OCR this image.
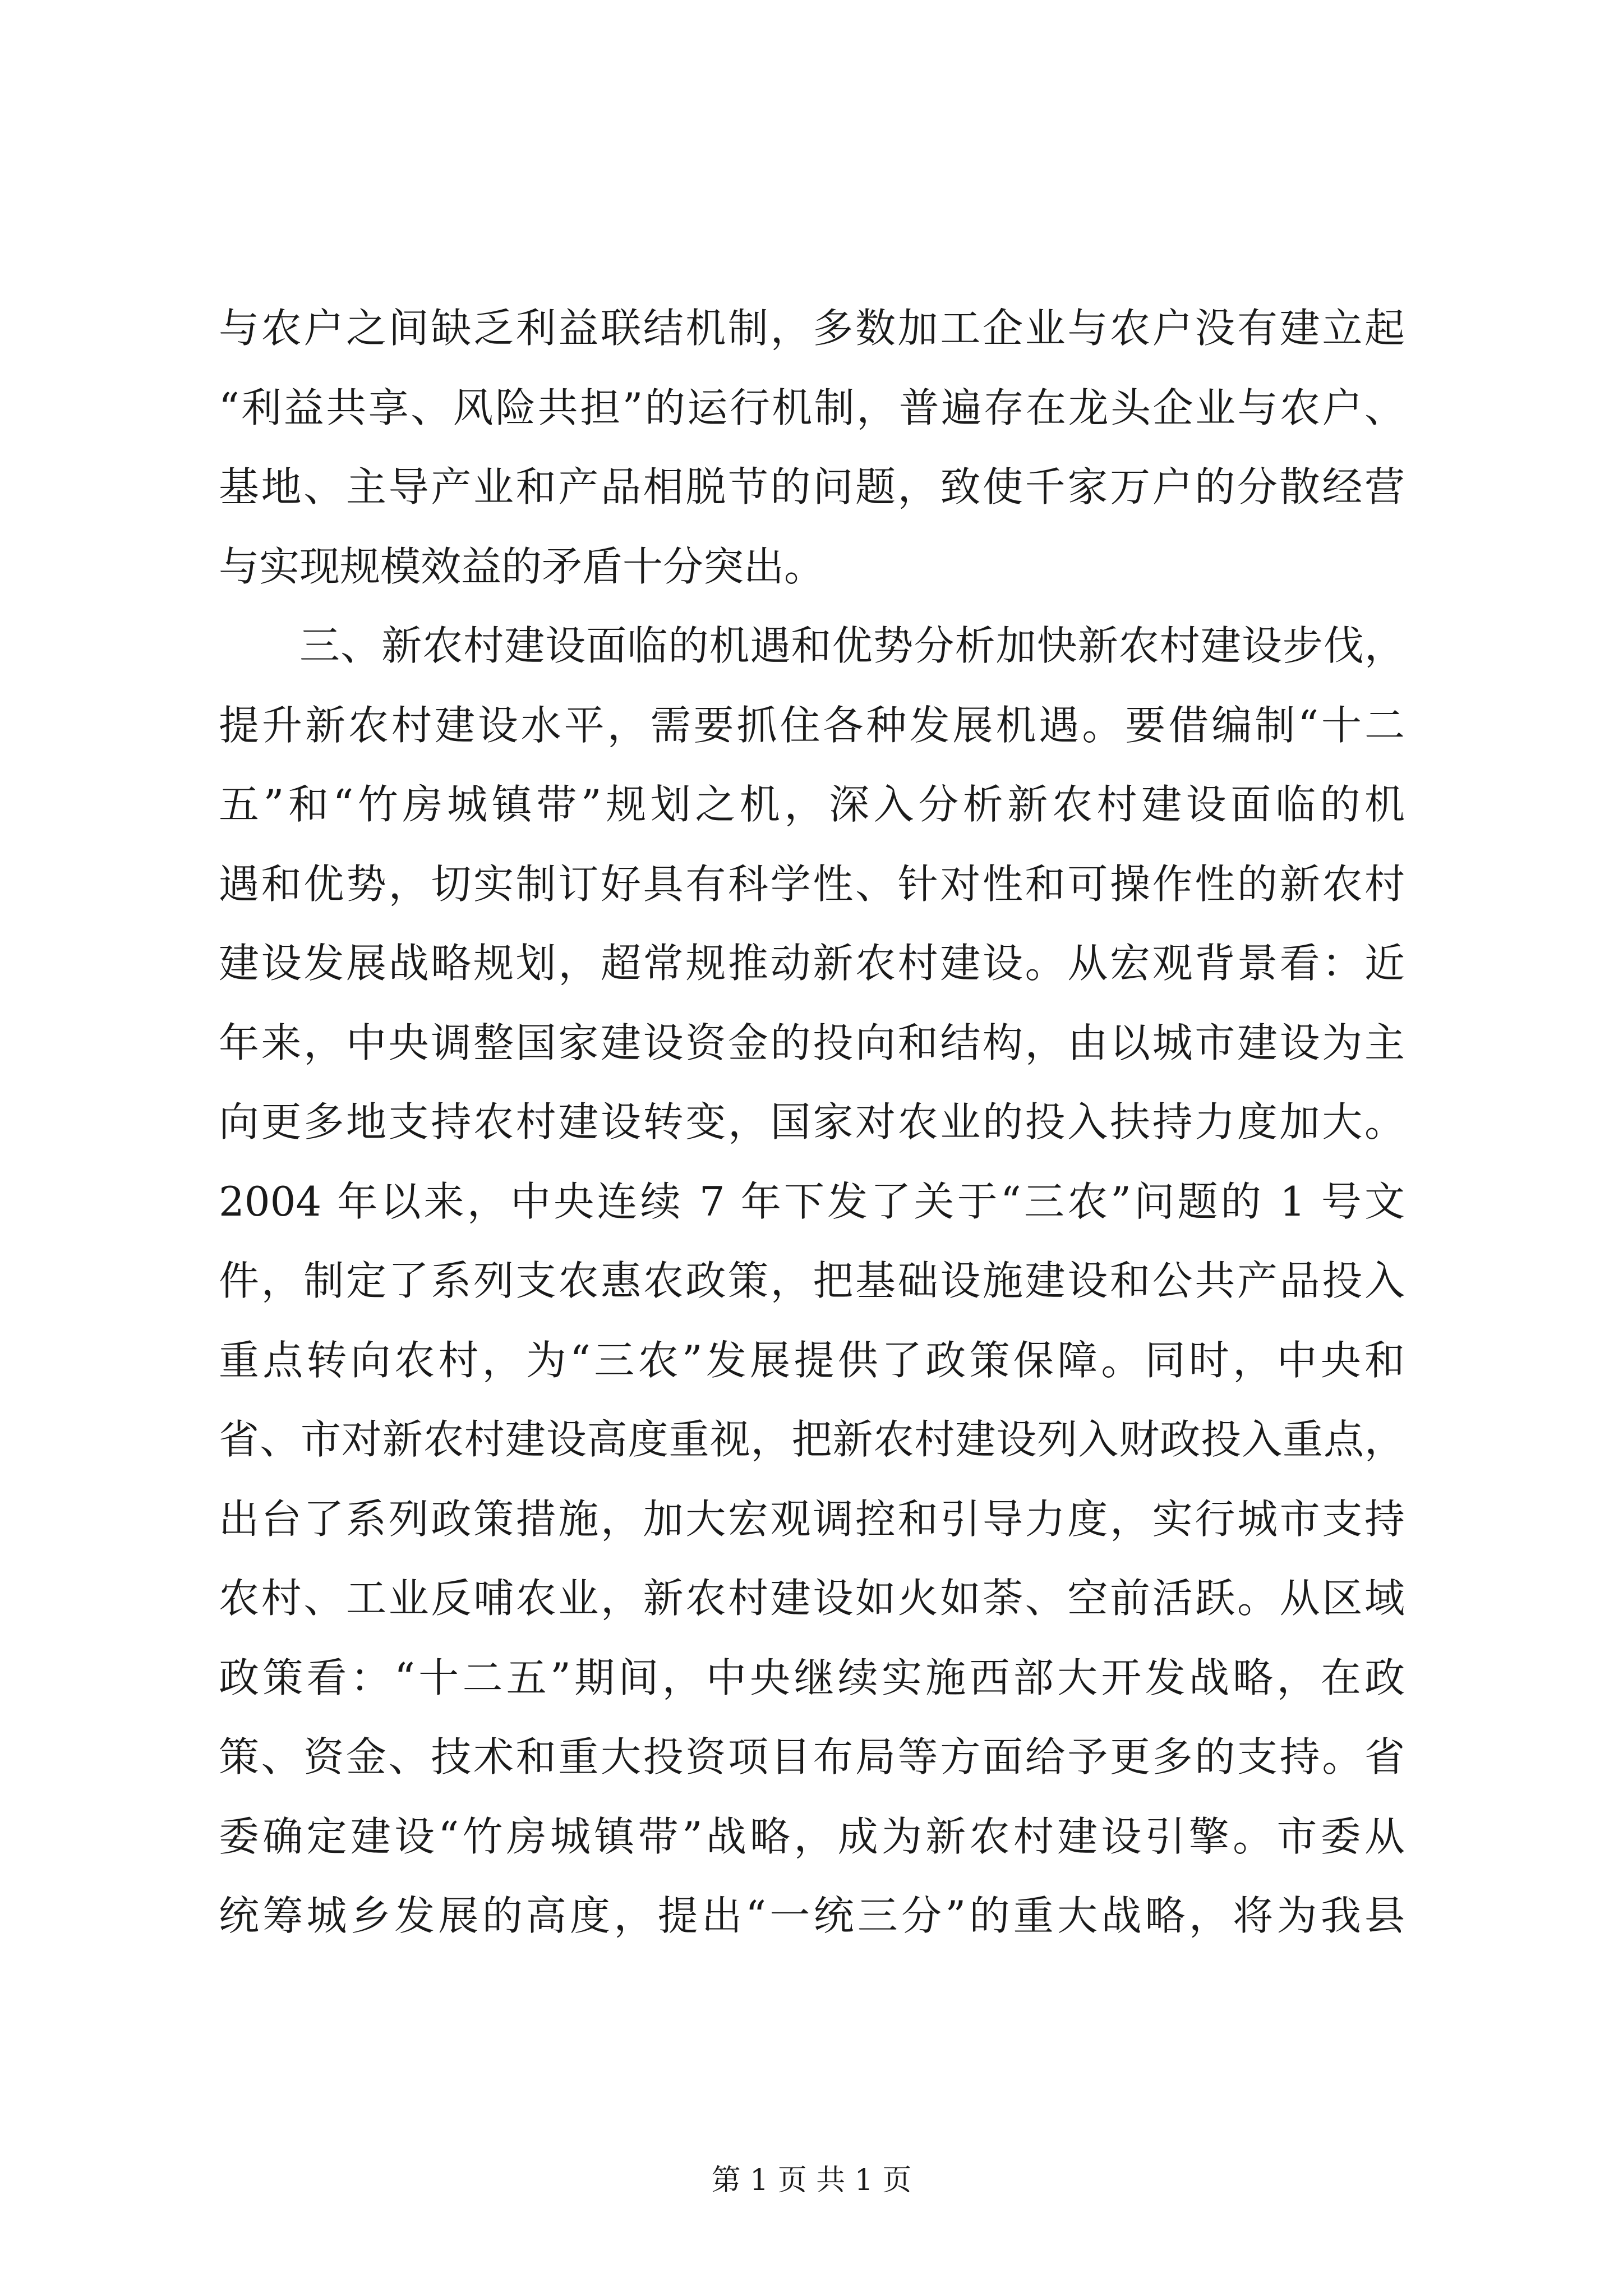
与农户之间缺乏利益联结机制，多数加工企业与农户没有建立起
“利益共享、风险共担”的运行机制，普遍存在龙头企业与农户、
基地、主导产业和产品相脱节的问题，致使千家万户的分散经营
与实现规模效益的矛盾十分突出。
三、新农村建设面临的机遇和优势分析加快新农村建设步伐，
提升新农村建设水平，需要抓住各种发展机遇。要借编制“十二
五”和“竹房城镇带”规划之机，深入分析新农村建设面临的机
遇和优势，切实制订好具有科学性、针对性和可操作性的新农村
建设发展战略规划，超常规推动新农村建设。从宏观背景看：近
年来，中央调整国家建设资金的投向和结构，由以城市建设为主
向更多地支持农村建设转变，国家对农业的投入扶持力度加大。
2004 年以来，中央连续 7 年下发了关于“三农”问题的 1 号文
件，制定了系列支农惠农政策，把基础设施建设和公共产品投入
重点转向农村，为“三农”发展提供了政策保障。同时，中央和
省、市对新农村建设高度重视，把新农村建设列入财政投入重点，
出台了系列政策措施，加大宏观调控和引导力度，实行城市支持
农村、工业反哺农业，新农村建设如火如荼、空前活跃。从区域
政策看：“十二五”期间，中央继续实施西部大开发战略，在政
策、资金、技术和重大投资项目布局等方面给予更多的支持。省
委确定建设“竹房城镇带”战略，成为新农村建设引擎。市委从
统筹城乡发展的高度，提出“一统三分”的重大战略，将为我县
第 1 页 共 1 页
